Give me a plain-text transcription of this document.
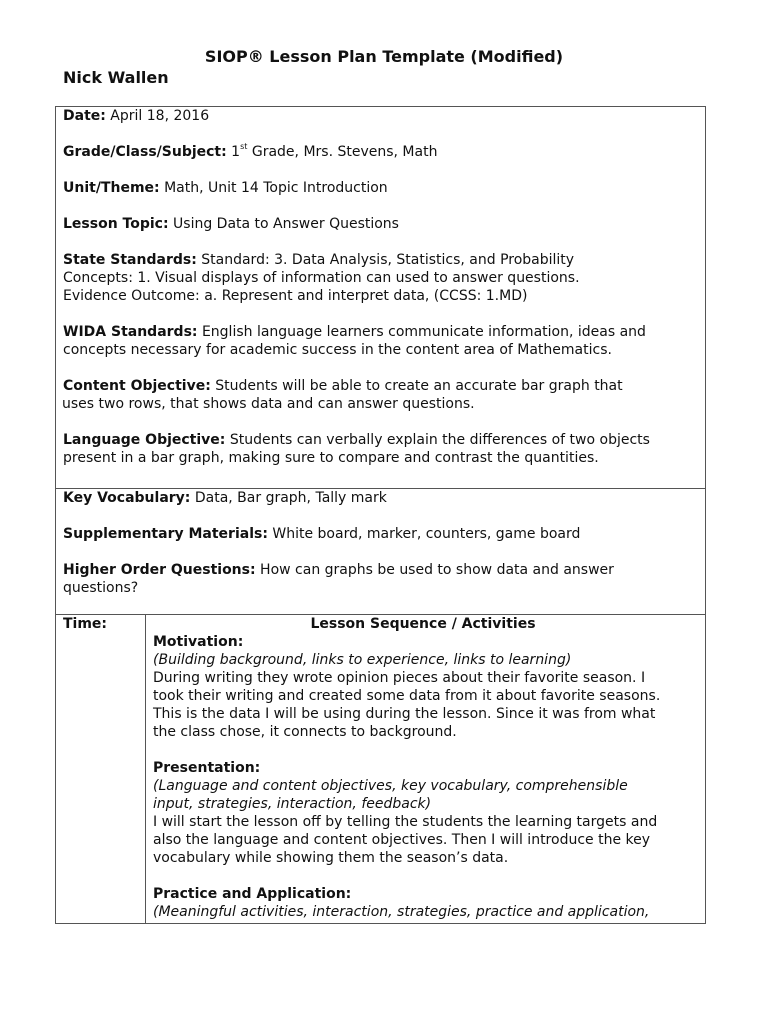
SIOP® Lesson Plan Template (Modified)
Nick Wallen

Date: April 18, 2016

Grade/Class/Subject: 1st Grade, Mrs. Stevens, Math

Unit/Theme: Math, Unit 14 Topic Introduction

Lesson Topic: Using Data to Answer Questions

State Standards: Standard: 3. Data Analysis, Statistics, and Probability

Concepts: 1. Visual displays of information can used to answer questions.

Evidence Outcome: a. Represent and interpret data, (CCSS: 1.MD)

WIDA Standards: English language learners communicate information, ideas and

concepts necessary for academic success in the content area of Mathematics.

Content Objective: Students will be able to create an accurate bar graph that

uses two rows, that shows data and can answer questions.

Language Objective: Students can verbally explain the differences of two objects

present in a bar graph, making sure to compare and contrast the quantities.

Key Vocabulary: Data, Bar graph, Tally mark

Supplementary Materials: White board, marker, counters, game board

Higher Order Questions: How can graphs be used to show data and answer

questions?

Time:	Lesson Sequence / Activities

Motivation:

(Building background, links to experience, links to learning)

During writing they wrote opinion pieces about their favorite season. I

took their writing and created some data from it about favorite seasons.

This is the data I will be using during the lesson. Since it was from what

the class chose, it connects to background.

Presentation:

(Language and content objectives, key vocabulary, comprehensible

input, strategies, interaction, feedback)

I will start the lesson off by telling the students the learning targets and

also the language and content objectives. Then I will introduce the key

vocabulary while showing them the season’s data.

Practice and Application:

(Meaningful activities, interaction, strategies, practice and application,
